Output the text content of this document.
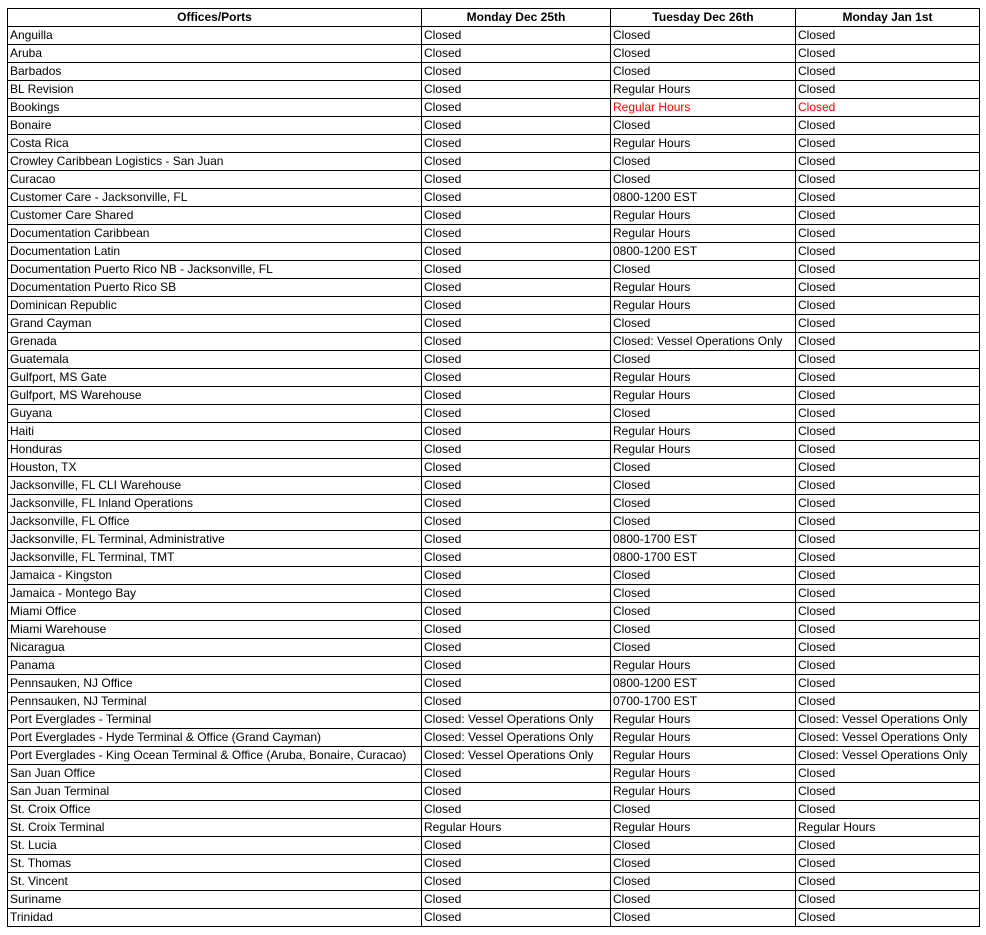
Offices/Ports	Monday Dec 25th	Tuesday Dec 26th	Monday Jan 1st
Anguilla	Closed	Closed	Closed
Aruba	Closed	Closed	Closed
Barbados	Closed	Closed	Closed
BL Revision	Closed	Regular Hours	Closed
Bookings	Closed	Regular Hours	Closed
Bonaire	Closed	Closed	Closed
Costa Rica	Closed	Regular Hours	Closed
Crowley Caribbean Logistics - San Juan	Closed	Closed	Closed
Curacao	Closed	Closed	Closed
Customer Care - Jacksonville, FL	Closed	0800-1200 EST	Closed
Customer Care Shared	Closed	Regular Hours	Closed
Documentation Caribbean	Closed	Regular Hours	Closed
Documentation Latin	Closed	0800-1200 EST	Closed
Documentation Puerto Rico NB - Jacksonville, FL	Closed	Closed	Closed
Documentation Puerto Rico SB	Closed	Regular Hours	Closed
Dominican Republic	Closed	Regular Hours	Closed
Grand Cayman	Closed	Closed	Closed
Grenada	Closed	Closed: Vessel Operations Only	Closed
Guatemala	Closed	Closed	Closed
Gulfport, MS Gate	Closed	Regular Hours	Closed
Gulfport, MS Warehouse	Closed	Regular Hours	Closed
Guyana	Closed	Closed	Closed
Haiti	Closed	Regular Hours	Closed
Honduras	Closed	Regular Hours	Closed
Houston, TX	Closed	Closed	Closed
Jacksonville, FL CLI Warehouse	Closed	Closed	Closed
Jacksonville, FL Inland Operations	Closed	Closed	Closed
Jacksonville, FL Office	Closed	Closed	Closed
Jacksonville, FL Terminal, Administrative	Closed	0800-1700 EST	Closed
Jacksonville, FL Terminal, TMT	Closed	0800-1700 EST	Closed
Jamaica - Kingston	Closed	Closed	Closed
Jamaica - Montego Bay	Closed	Closed	Closed
Miami Office	Closed	Closed	Closed
Miami Warehouse	Closed	Closed	Closed
Nicaragua	Closed	Closed	Closed
Panama	Closed	Regular Hours	Closed
Pennsauken, NJ Office	Closed	0800-1200 EST	Closed
Pennsauken, NJ Terminal	Closed	0700-1700 EST	Closed
Port Everglades - Terminal	Closed: Vessel Operations Only	Regular Hours	Closed: Vessel Operations Only
Port Everglades - Hyde Terminal & Office (Grand Cayman)	Closed: Vessel Operations Only	Regular Hours	Closed: Vessel Operations Only
Port Everglades - King Ocean Terminal & Office (Aruba, Bonaire, Curacao)	Closed: Vessel Operations Only	Regular Hours	Closed: Vessel Operations Only
San Juan Office	Closed	Regular Hours	Closed
San Juan Terminal	Closed	Regular Hours	Closed
St. Croix Office	Closed	Closed	Closed
St. Croix Terminal	Regular Hours	Regular Hours	Regular Hours
St. Lucia	Closed	Closed	Closed
St. Thomas	Closed	Closed	Closed
St. Vincent	Closed	Closed	Closed
Suriname	Closed	Closed	Closed
Trinidad	Closed	Closed	Closed
